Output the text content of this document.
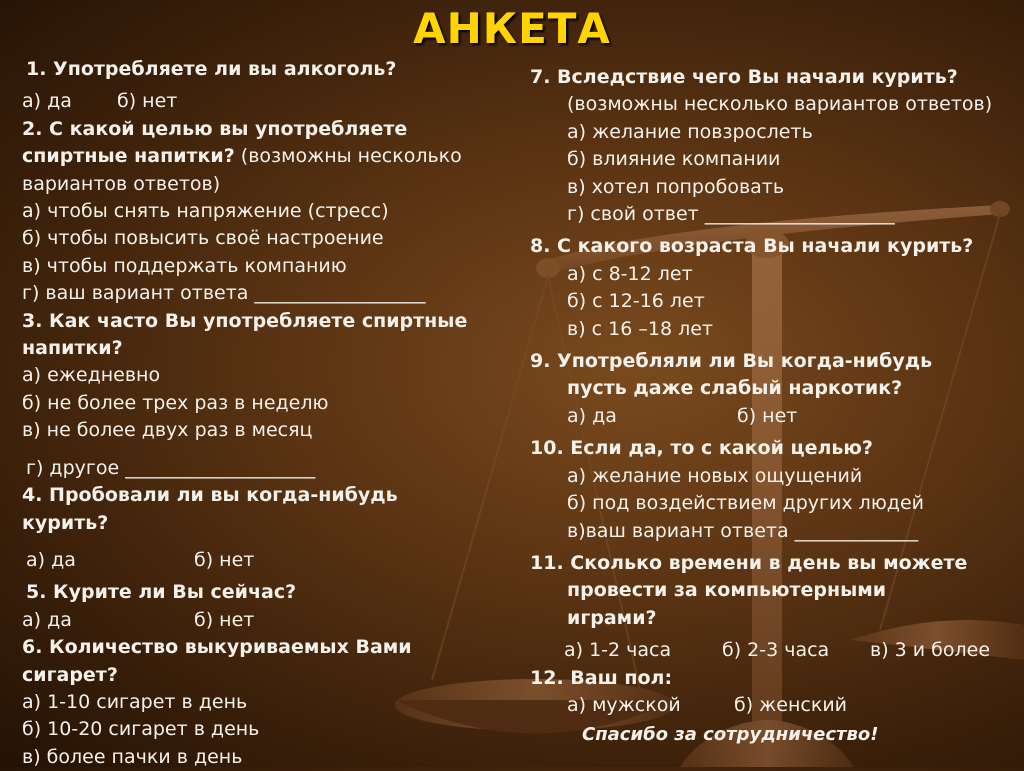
АНКЕТА
1. Употребляете ли вы алкоголь?
а) да б) нет
2. С какой целью вы употребляете
спиртные напитки? (возможны несколько
вариантов ответов)
а) чтобы снять напряжение (стресс)
б) чтобы повысить своё настроение
в) чтобы поддержать компанию
г) ваш вариант ответа __________________
3. Как часто Вы употребляете спиртные
напитки?
а) ежедневно
б) не более трех раз в неделю
в) не более двух раз в месяц
г) другое ____________________
4. Пробовали ли вы когда-нибудь
курить?
а) да	б) нет
5. Курите ли Вы сейчас?
а) да	б) нет
6. Количество выкуриваемых Вами
сигарет?
а) 1-10 сигарет в день
б) 10-20 сигарет в день
в) более пачки в день
7. Вследствие чего Вы начали курить?
(возможны несколько вариантов ответов)
а) желание повзрослеть
б) влияние компании
в) хотел попробовать
г) свой ответ ____________________
8. С какого возраста Вы начали курить?
а) с 8-12 лет
б) с 12-16 лет
в) с 16 –18 лет
9. Употребляли ли Вы когда-нибудь
пусть даже слабый наркотик?
а) да	б) нет
10. Если да, то с какой целью?
а) желание новых ощущений
б) под воздействием других людей
в)ваш вариант ответа _____________
11. Сколько времени в день вы можете
провести за компьютерными
играми?
а) 1-2 часа	б) 2-3 часа в) 3 и более
12. Ваш пол:
а) мужской	б) женский
Спасибо за сотрудничество!
